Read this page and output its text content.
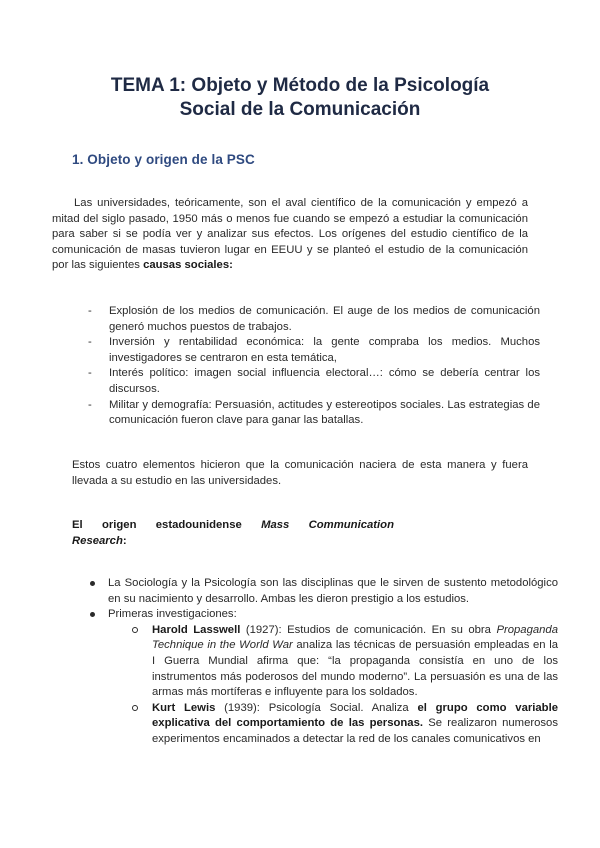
TEMA 1: Objeto y Método de la Psicología
Social de la Comunicación
1. Objeto y origen de la PSC

Las universidades, teóricamente, son el aval científico de la comunicación y empezó a mitad del siglo pasado, 1950 más o menos fue cuando se empezó a estudiar la comunicación para saber si se podía ver y analizar sus efectos. Los orígenes del estudio científico de la comunicación de masas tuvieron lugar en EEUU y se planteó el estudio de la comunicación por las siguientes causas sociales:

- Explosión de los medios de comunicación. El auge de los medios de comunicación generó muchos puestos de trabajos.
- Inversión y rentabilidad económica: la gente compraba los medios. Muchos investigadores se centraron en esta temática,
- Interés político: imagen social influencia electoral…: cómo se debería centrar los discursos.
- Militar y demografía: Persuasión, actitudes y estereotipos sociales. Las estrategias de comunicación fueron clave para ganar las batallas.

Estos cuatro elementos hicieron que la comunicación naciera de esta manera y fuera llevada a su estudio en las universidades.

El origen estadounidense Mass Communication
Research:
La Sociología y la Psicología son las disciplinas que le sirven de sustento metodológico en su nacimiento y desarrollo. Ambas les dieron prestigio a los estudios.
Primeras investigaciones:
Harold Lasswell (1927): Estudios de comunicación. En su obra Propaganda Technique in the World War analiza las técnicas de persuasión empleadas en la I Guerra Mundial afirma que: “la propaganda consistía en uno de los instrumentos más poderosos del mundo moderno”. La persuasión es una de las armas más mortíferas e influyente para los soldados.
Kurt Lewis (1939): Psicología Social. Analiza el grupo como variable explicativa del comportamiento de las personas. Se realizaron numerosos experimentos encaminados a detectar la red de los canales comunicativos en
